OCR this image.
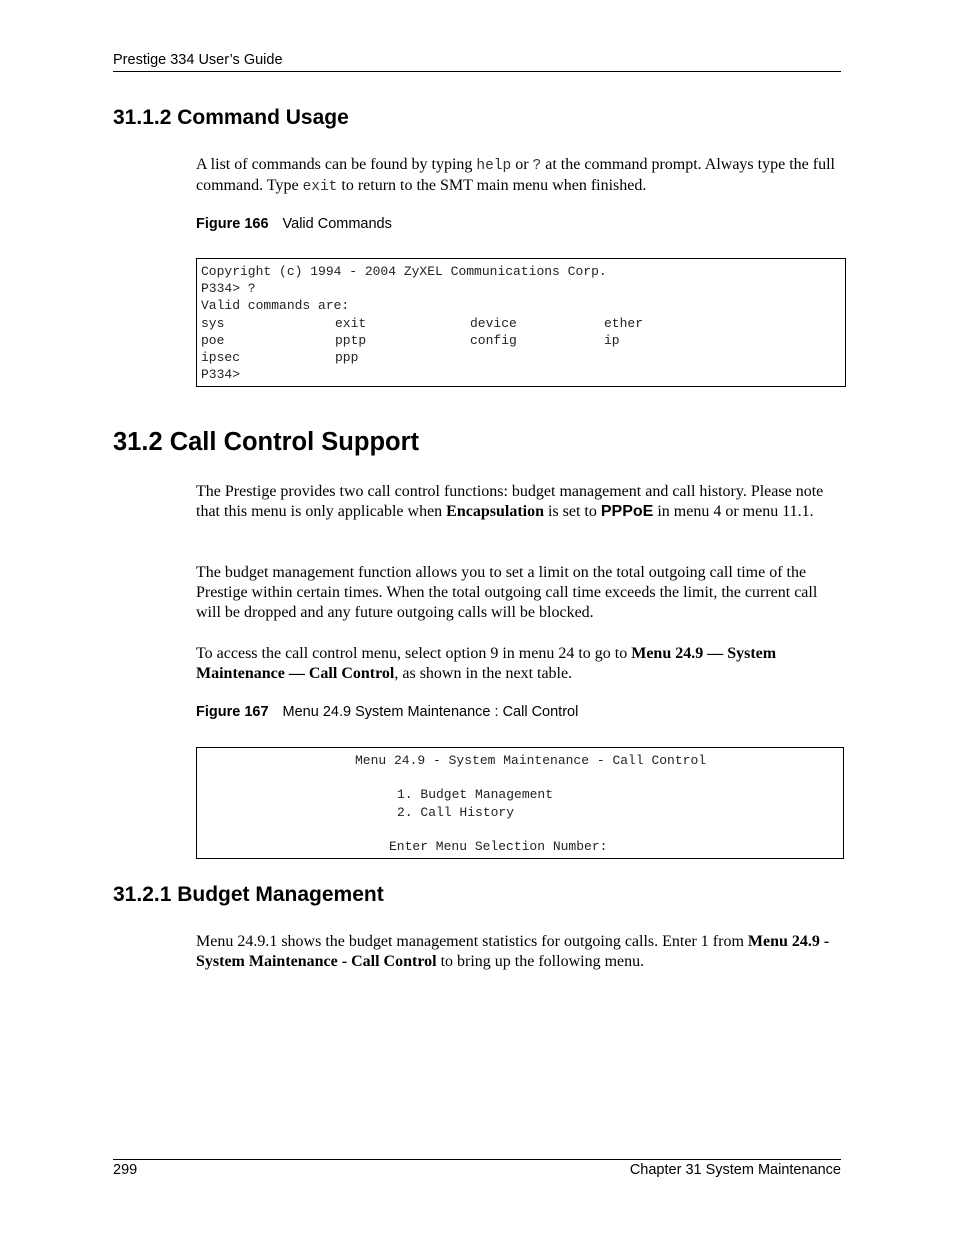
Prestige 334 User’s Guide
31.1.2 Command Usage
A list of commands can be found by typing help or ? at the command prompt. Always type the full command. Type exit to return to the SMT main menu when finished.
Figure 166 Valid Commands
Copyright (c) 1994 - 2004 ZyXEL Communications Corp.
P334> ?
Valid commands are:
sys	exit	device	ether
poe	pptp	config	ip
ipsec	ppp
P334>
31.2 Call Control Support
The Prestige provides two call control functions: budget management and call history. Please note that this menu is only applicable when Encapsulation is set to PPPoE in menu 4 or menu 11.1.
The budget management function allows you to set a limit on the total outgoing call time of the Prestige within certain times. When the total outgoing call time exceeds the limit, the current call will be dropped and any future outgoing calls will be blocked.
To access the call control menu, select option 9 in menu 24 to go to Menu 24.9 — System Maintenance — Call Control, as shown in the next table.
Figure 167 Menu 24.9 System Maintenance : Call Control
Menu 24.9 - System Maintenance - Call Control
1. Budget Management
2. Call History
Enter Menu Selection Number:
31.2.1 Budget Management
Menu 24.9.1 shows the budget management statistics for outgoing calls. Enter 1 from Menu 24.9 - System Maintenance - Call Control to bring up the following menu.
299	Chapter 31 System Maintenance
